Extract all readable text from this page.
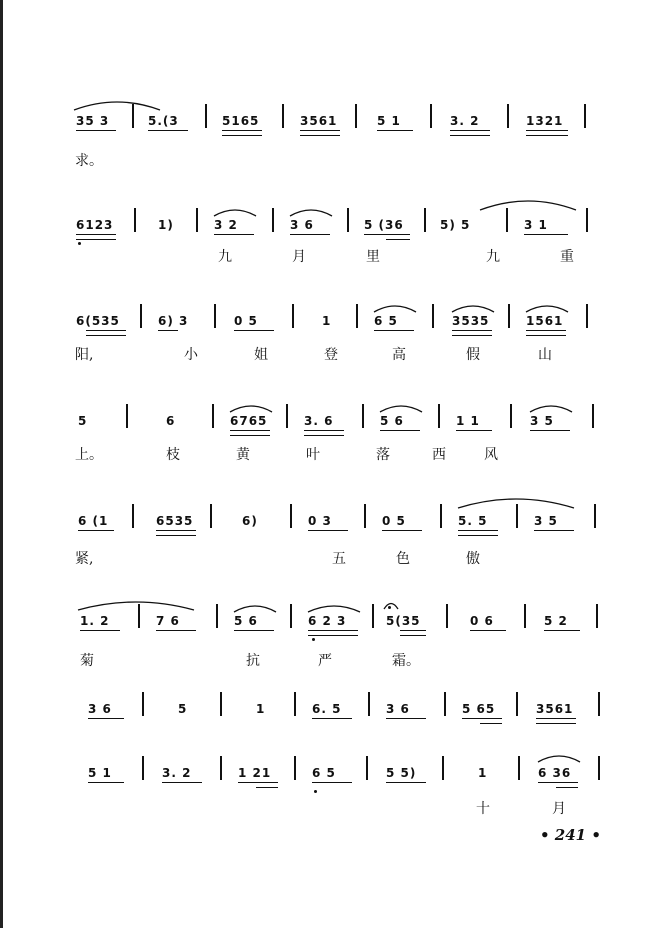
35 3	5.(3	5165	3561	5 1	3. 2	1321
求。
6123	1)	3 2	3 6	5 (36	5) 5	3 1
九	月	里	九	重
6(535	6) 3	0 5	1	6 5	3535	1561
阳,	小	姐	登	高	假	山
5	6	6765	3. 6	5 6	1 1	3 5
上。	枝	黄	叶	落	西	风
6 (1	6535	6)	0 3	0 5	5. 5	3 5
紧,	五	色	傲
1. 2	7 6	5 6	6 2 3	5(35	0 6	5 2
菊	抗	严	霜。
3 6	5	1	6. 5	3 6	5 65	3561
5 1	3. 2	1 21	6 5	5 5)	1	6 36
十	月
• 241 •
